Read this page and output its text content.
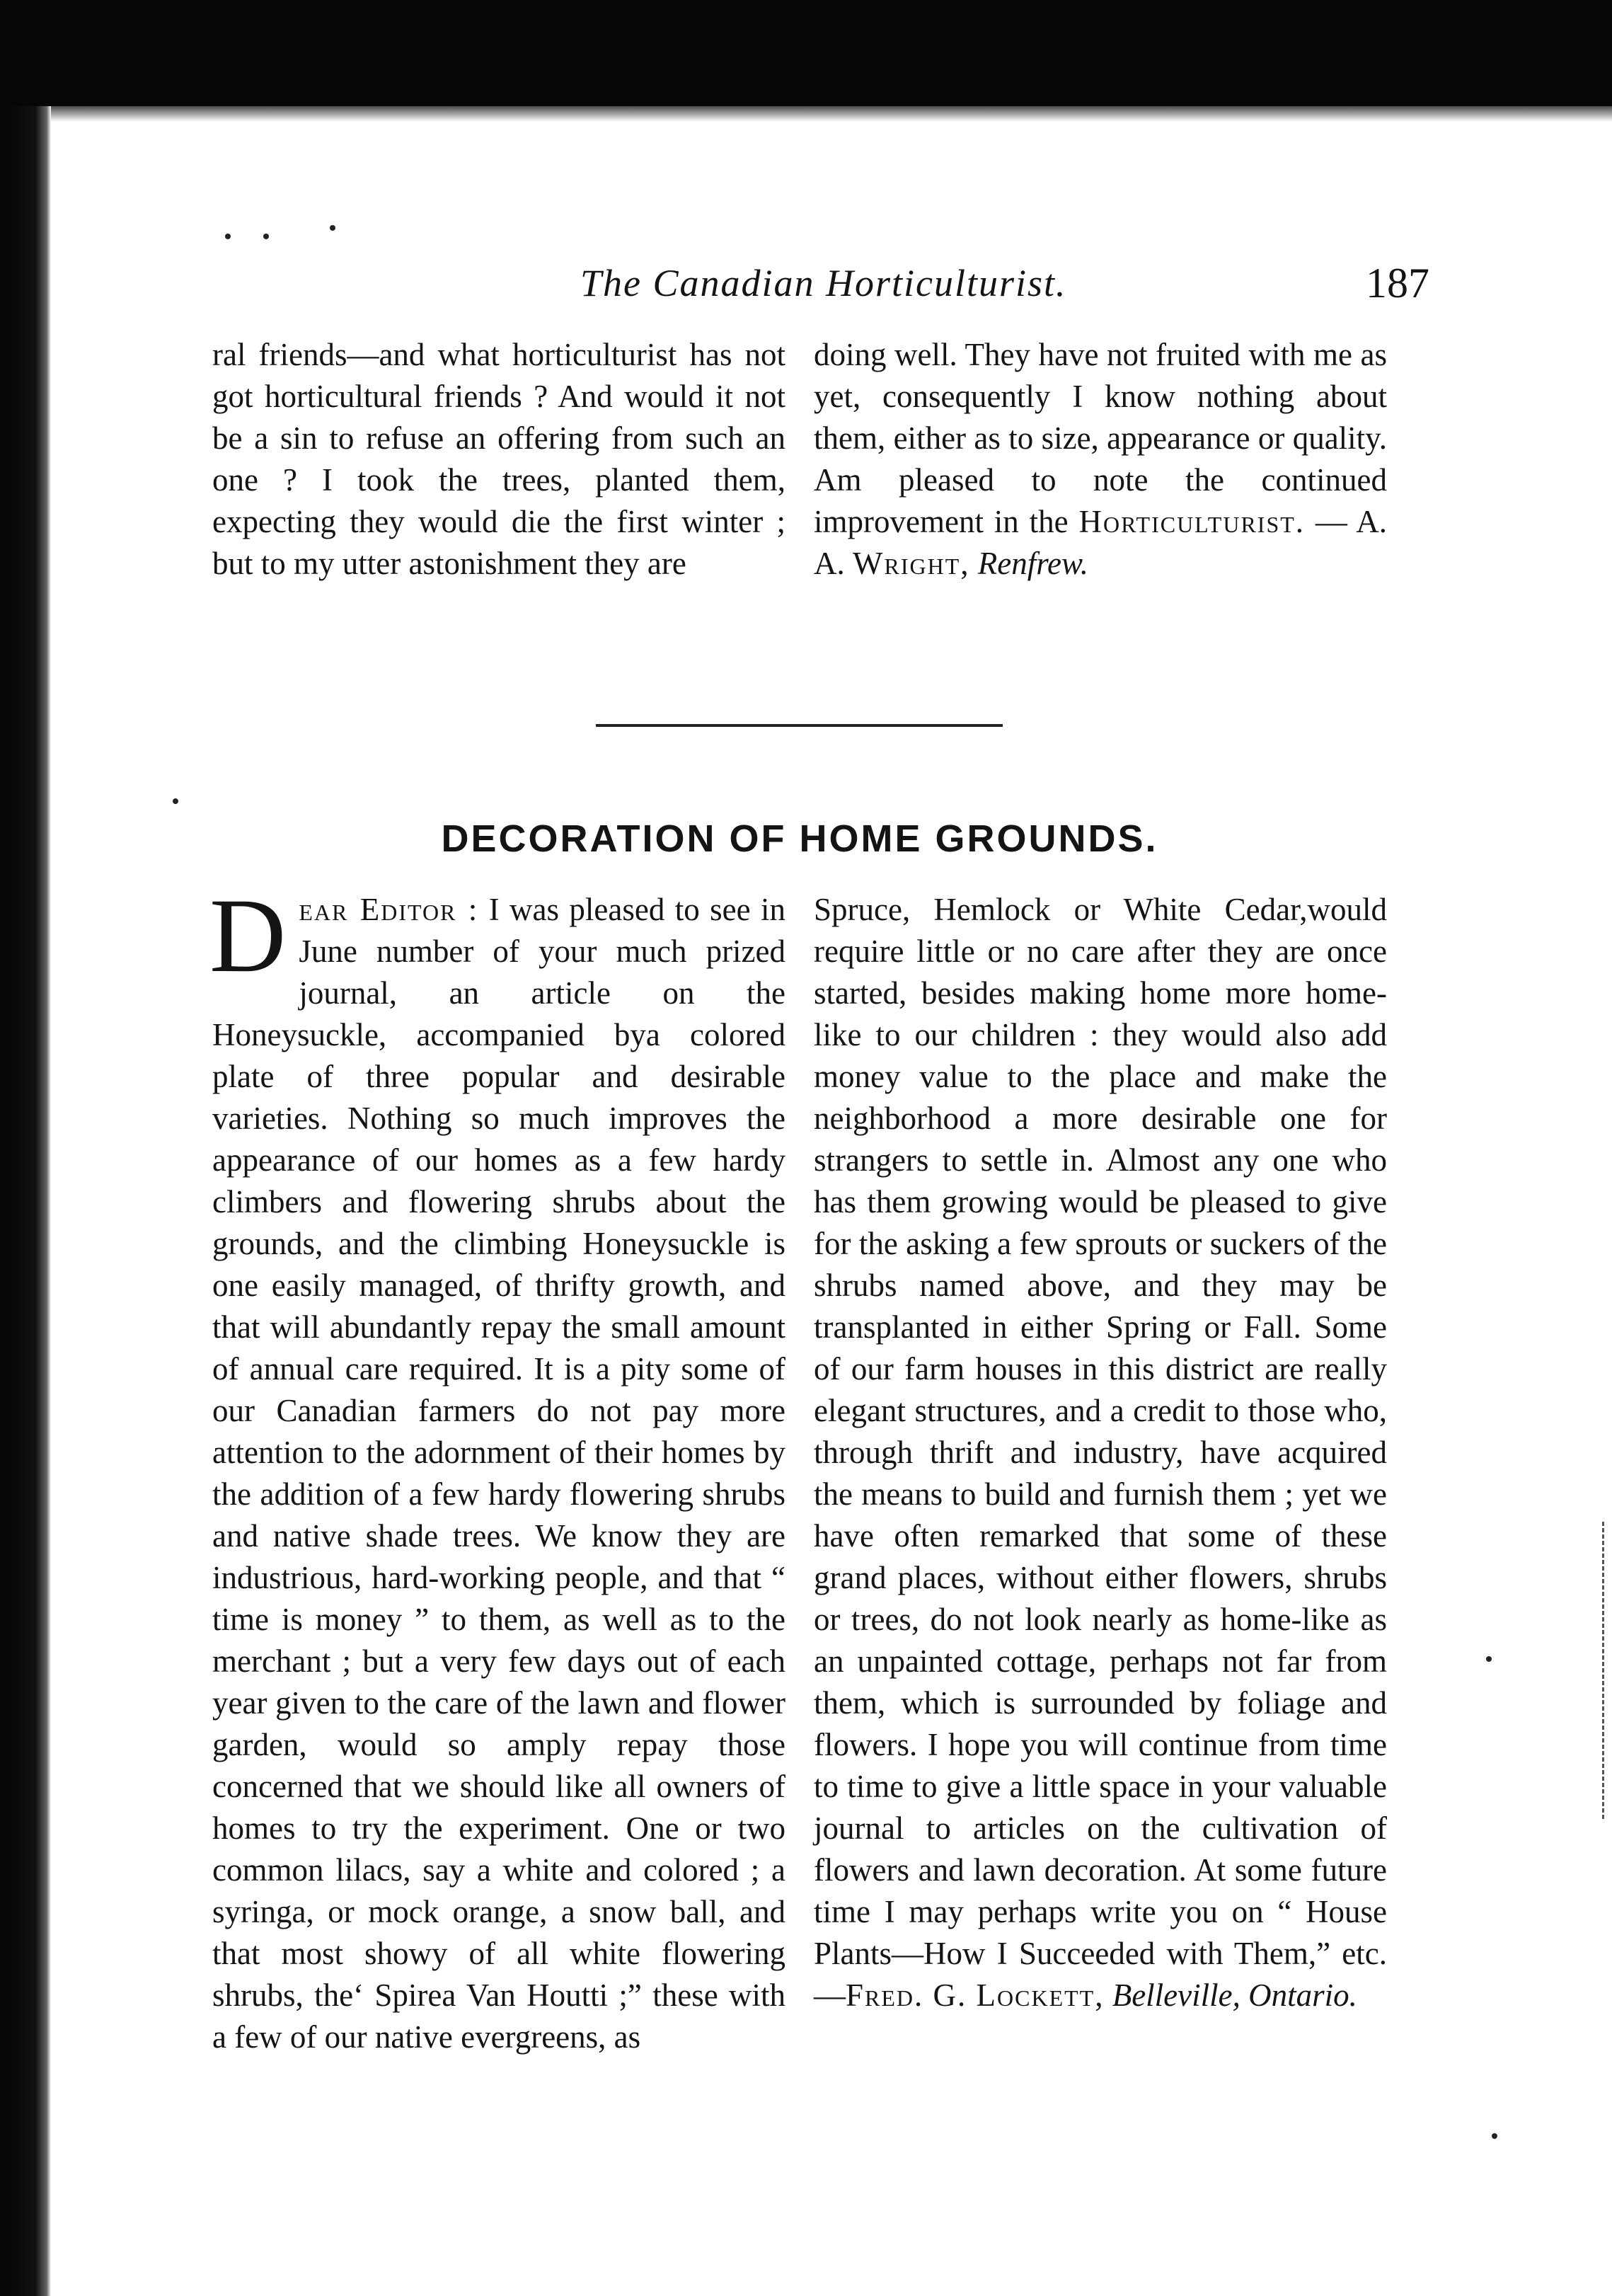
The Canadian Horticulturist.	187

ral friends—and what horticulturist has not got horticultural friends ? And would it not be a sin to refuse an offering from such an one ? I took the trees, planted them, expecting they would die the first winter ; but to my utter astonishment they are

doing well. They have not fruited with me as yet, consequently I know nothing about them, either as to size, appearance or quality. Am pleased to note the continued improvement in the Horticulturist. — A. A. Wright, Renfrew.

DECORATION OF HOME GROUNDS.

Dear Editor : I was pleased to see in June number of your much prized journal, an article on the Honeysuckle, accompanied bya colored plate of three popular and desirable varieties. Nothing so much improves the appearance of our homes as a few hardy climbers and flowering shrubs about the grounds, and the climbing Honeysuckle is one easily managed, of thrifty growth, and that will abundantly repay the small amount of annual care required. It is a pity some of our Canadian farmers do not pay more attention to the adornment of their homes by the addition of a few hardy flowering shrubs and native shade trees. We know they are industrious, hard-working people, and that “ time is money ” to them, as well as to the merchant ; but a very few days out of each year given to the care of the lawn and flower garden, would so amply repay those concerned that we should like all owners of homes to try the experiment. One or two common lilacs, say a white and colored ; a syringa, or mock orange, a snow ball, and that most showy of all white flowering shrubs, the‘ Spirea Van Houtti ;” these with a few of our native evergreens, as

Spruce, Hemlock or White Cedar,would require little or no care after they are once started, besides making home more home-like to our children : they would also add money value to the place and make the neighborhood a more desirable one for strangers to settle in. Almost any one who has them growing would be pleased to give for the asking a few sprouts or suckers of the shrubs named above, and they may be transplanted in either Spring or Fall. Some of our farm houses in this district are really elegant structures, and a credit to those who, through thrift and industry, have acquired the means to build and furnish them ; yet we have often remarked that some of these grand places, without either flowers, shrubs or trees, do not look nearly as home-like as an unpainted cottage, perhaps not far from them, which is surrounded by foliage and flowers. I hope you will continue from time to time to give a little space in your valuable journal to articles on the cultivation of flowers and lawn decoration. At some future time I may perhaps write you on “ House Plants—How I Succeeded with Them,” etc.—Fred. G. Lockett, Belleville, Ontario.
